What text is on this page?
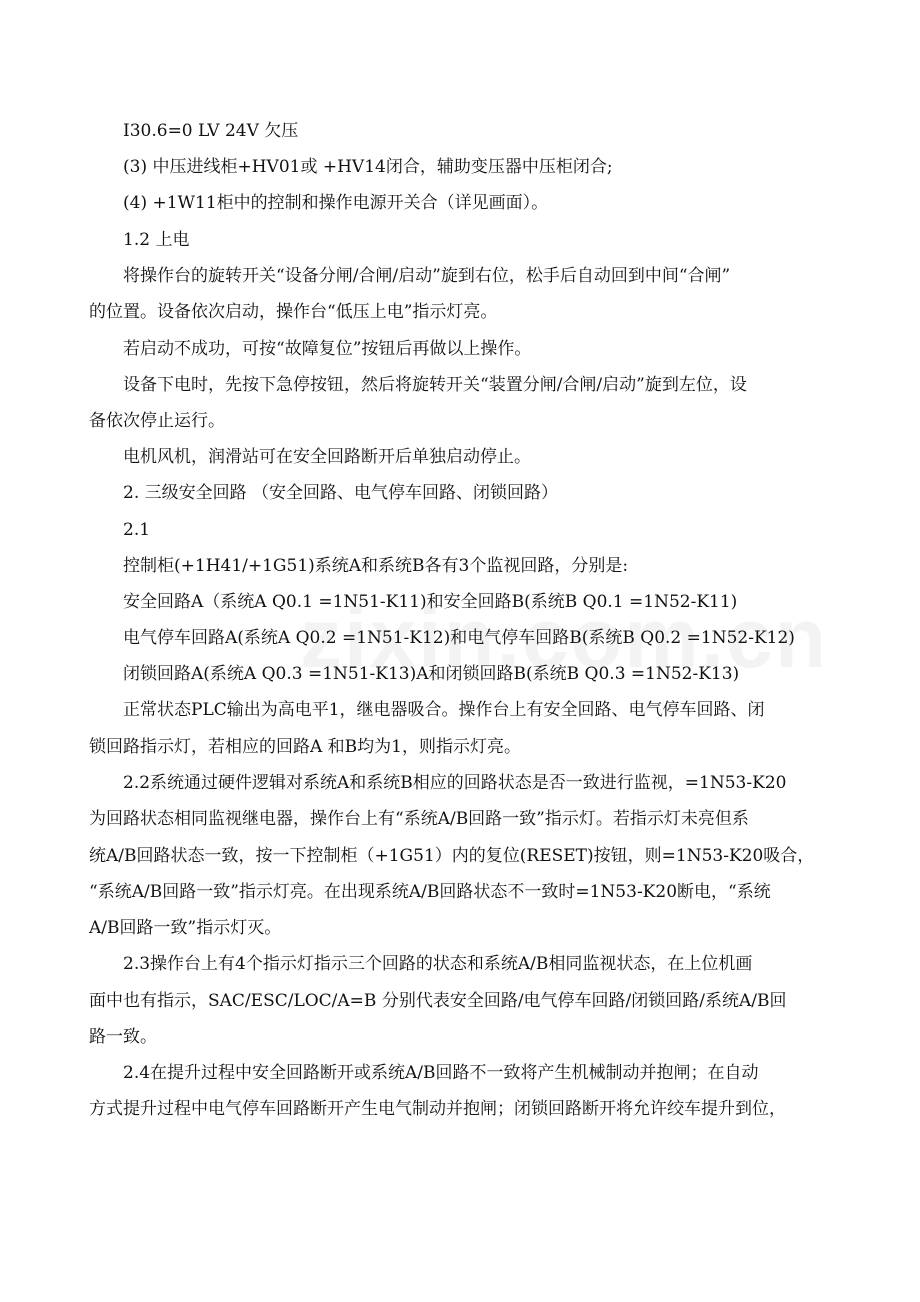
I30.6=0 LV 24V 欠压
(3) 中压进线柜+HV01或 +HV14闭合，辅助变压器中压柜闭合;
(4) +1W11柜中的控制和操作电源开关合（详见画面）。
1.2 上电
将操作台的旋转开关“设备分闸/合闸/启动”旋到右位，松手后自动回到中间“合闸”
的位置。设备依次启动，操作台“低压上电”指示灯亮。
若启动不成功，可按“故障复位”按钮后再做以上操作。
设备下电时，先按下急停按钮，然后将旋转开关“装置分闸/合闸/启动”旋到左位，设
备依次停止运行。
电机风机，润滑站可在安全回路断开后单独启动停止。
2. 三级安全回路 （安全回路、电气停车回路、闭锁回路）
2.1
控制柜(+1H41/+1G51)系统A和系统B各有3个监视回路，分别是:
安全回路A（系统A Q0.1 =1N51-K11)和安全回路B(系统B Q0.1 =1N52-K11)
电气停车回路A(系统A Q0.2 =1N51-K12)和电气停车回路B(系统B Q0.2 =1N52-K12)
闭锁回路A(系统A Q0.3 =1N51-K13)A和闭锁回路B(系统B Q0.3 =1N52-K13)
正常状态PLC输出为高电平1，继电器吸合。操作台上有安全回路、电气停车回路、闭
锁回路指示灯，若相应的回路A 和B均为1，则指示灯亮。
2.2系统通过硬件逻辑对系统A和系统B相应的回路状态是否一致进行监视，=1N53-K20
为回路状态相同监视继电器，操作台上有“系统A/B回路一致”指示灯。若指示灯未亮但系
统A/B回路状态一致，按一下控制柜（+1G51）内的复位(RESET)按钮，则=1N53-K20吸合，
“系统A/B回路一致”指示灯亮。在出现系统A/B回路状态不一致时=1N53-K20断电，“系统
A/B回路一致”指示灯灭。
2.3操作台上有4个指示灯指示三个回路的状态和系统A/B相同监视状态，在上位机画
面中也有指示，SAC/ESC/LOC/A=B 分别代表安全回路/电气停车回路/闭锁回路/系统A/B回
路一致。
2.4在提升过程中安全回路断开或系统A/B回路不一致将产生机械制动并抱闸；在自动
方式提升过程中电气停车回路断开产生电气制动并抱闸；闭锁回路断开将允许绞车提升到位，
